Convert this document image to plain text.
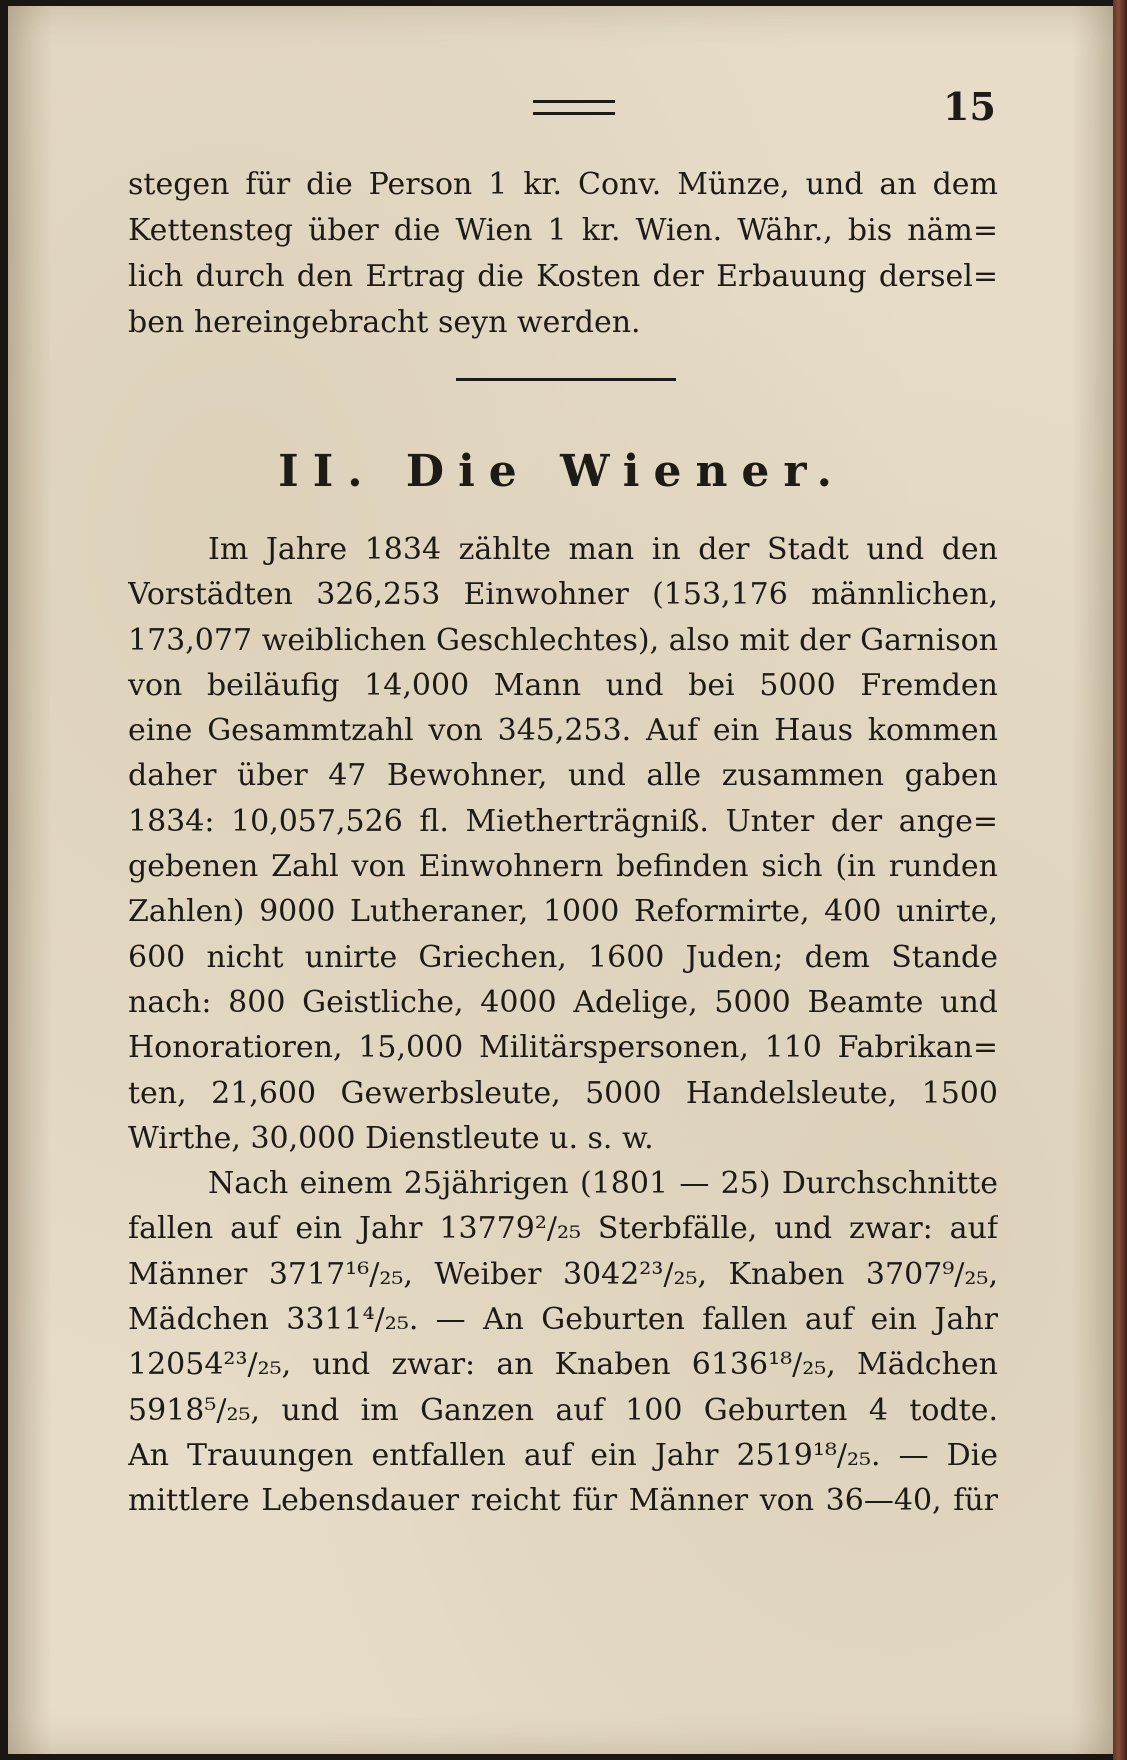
15
stegen für die Person 1 kr. Conv. Münze, und an dem
Kettensteg über die Wien 1 kr. Wien. Währ., bis näm=
lich durch den Ertrag die Kosten der Erbauung dersel=
ben hereingebracht seyn werden.
II. Die Wiener.
Im Jahre 1834 zählte man in der Stadt und den
Vorstädten 326,253 Einwohner (153,176 männlichen,
173,077 weiblichen Geschlechtes), also mit der Garnison
von beiläufig 14,000 Mann und bei 5000 Fremden
eine Gesammtzahl von 345,253. Auf ein Haus kommen
daher über 47 Bewohner, und alle zusammen gaben
1834: 10,057,526 fl. Mietherträgniß. Unter der ange=
gebenen Zahl von Einwohnern befinden sich (in runden
Zahlen) 9000 Lutheraner, 1000 Reformirte, 400 unirte,
600 nicht unirte Griechen, 1600 Juden; dem Stande
nach: 800 Geistliche, 4000 Adelige, 5000 Beamte und
Honoratioren, 15,000 Militärspersonen, 110 Fabrikan=
ten, 21,600 Gewerbsleute, 5000 Handelsleute, 1500
Wirthe, 30,000 Dienstleute u. s. w.
Nach einem 25jährigen (1801 — 25) Durchschnitte
fallen auf ein Jahr 13779²/₂₅ Sterbfälle, und zwar: auf
Männer 3717¹⁶/₂₅, Weiber 3042²³/₂₅, Knaben 3707⁹/₂₅,
Mädchen 3311⁴/₂₅. — An Geburten fallen auf ein Jahr
12054²³/₂₅, und zwar: an Knaben 6136¹⁸/₂₅, Mädchen
5918⁵/₂₅, und im Ganzen auf 100 Geburten 4 todte.
An Trauungen entfallen auf ein Jahr 2519¹⁸/₂₅. — Die
mittlere Lebensdauer reicht für Männer von 36—40, für
